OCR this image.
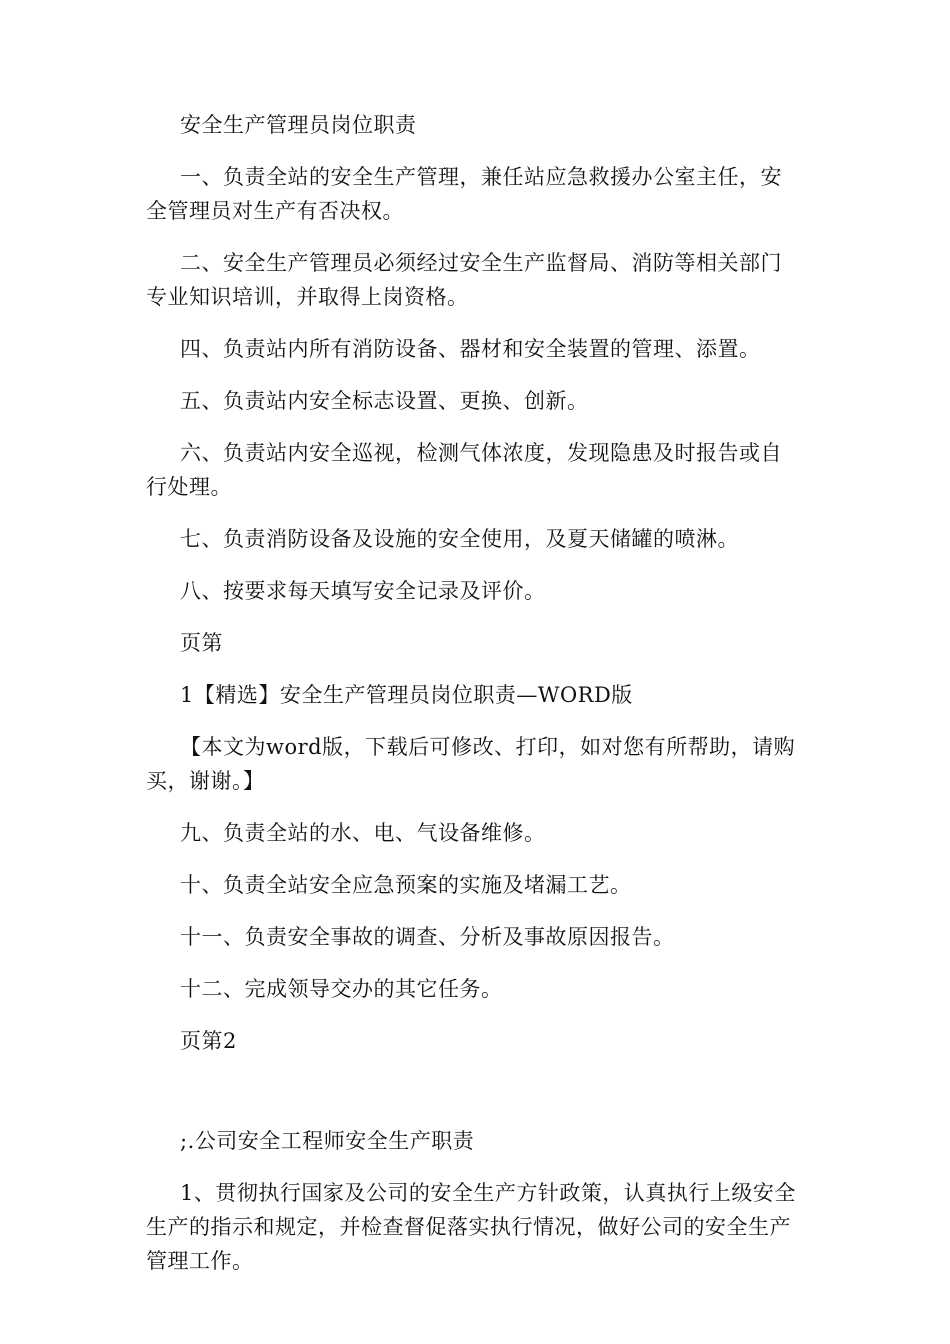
安全生产管理员岗位职责

一、负责全站的安全生产管理，兼任站应急救援办公室主任，安全管理员对生产有否决权。

二、安全生产管理员必须经过安全生产监督局、消防等相关部门专业知识培训，并取得上岗资格。

四、负责站内所有消防设备、器材和安全装置的管理、添置。

五、负责站内安全标志设置、更换、创新。

六、负责站内安全巡视，检测气体浓度，发现隐患及时报告或自行处理。

七、负责消防设备及设施的安全使用，及夏天储罐的喷淋。

八、按要求每天填写安全记录及评价。

页第

1【精选】安全生产管理员岗位职责—WORD版

【本文为word版，下载后可修改、打印，如对您有所帮助，请购买，谢谢。】

九、负责全站的水、电、气设备维修。

十、负责全站安全应急预案的实施及堵漏工艺。

十一、负责安全事故的调查、分析及事故原因报告。

十二、完成领导交办的其它任务。

页第2

;.公司安全工程师安全生产职责

1、贯彻执行国家及公司的安全生产方针政策，认真执行上级安全生产的指示和规定，并检查督促落实执行情况，做好公司的安全生产管理工作。
